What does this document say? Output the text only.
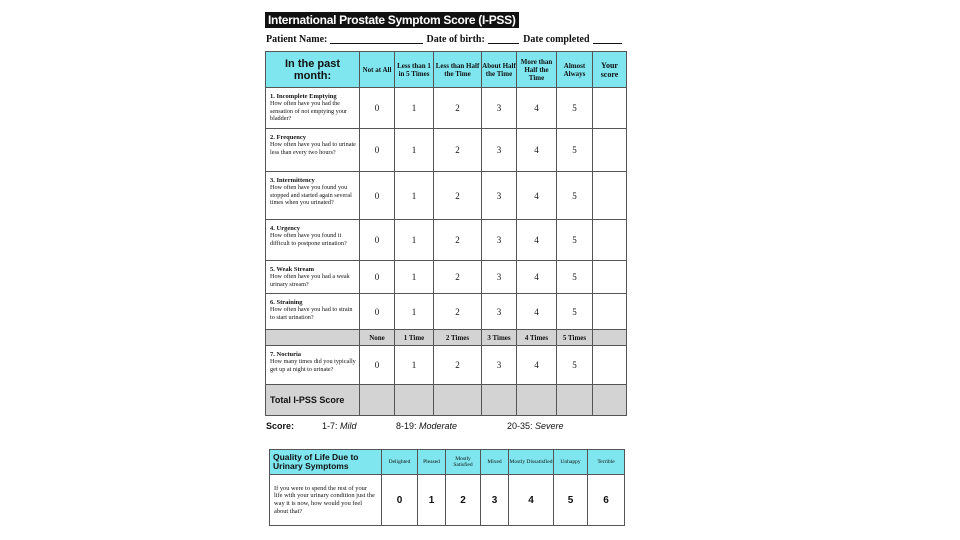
International Prostate Symptom Score (I-PSS)
Patient Name:	Date of birth:	Date completed
In the past month:	Not at All	Less than 1 in 5 Times	Less than Half the Time	About Half the Time	More than Half the Time	Almost Always	Your score

1. Incomplete Emptying
How often have you had the sensation of not emptying your bladder?	0	1	2	3	4	5	

2. Frequency
How often have you had to urinate less than every two hours?	0	1	2	3	4	5	

3. Intermittency
How often have you found you stopped and started again several times when you urinated?	0	1	2	3	4	5	

4. Urgency
How often have you found it difficult to postpone urination?	0	1	2	3	4	5	

5. Weak Stream
How often have you had a weak urinary stream?	0	1	2	3	4	5	

6. Straining
How often have you had to strain to start urination?	0	1	2	3	4	5	
	None	1 Time	2 Times	3 Times	4 Times	5 Times	

7. Nocturia
How many times did you typically get up at night to urinate?	0	1	2	3	4	5	
Total I-PSS Score							
Score:	1-7: Mild	8-19: Moderate	20-35: Severe
Quality of Life Due to Urinary Symptoms	Delighted	Pleased	Mostly Satisfied	Mixed	Mostly Dissatisfied	Unhappy	Terrible
If you were to spend the rest of your life with your urinary condition just the way it is now, how would you feel about that?	0	1	2	3	4	5	6
